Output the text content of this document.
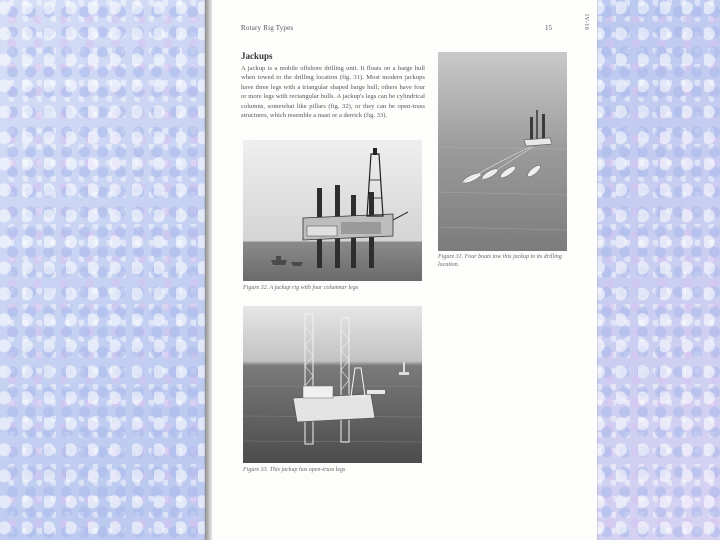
IV-16
Rotary Rig Types	15
Jackups
A jackup is a mobile offshore drilling unit. It floats on a barge hull when towed to the drilling location (fig. 31). Most modern jackups have three legs with a triangular shaped barge hull; others have four or more legs with rectangular hulls. A jackup's legs can be cylindrical columns, somewhat like pillars (fig. 32), or they can be open-truss structures, which resemble a mast or a derrick (fig. 33).
Figure 31. Four boats tow this jackup to its drilling location.
Figure 32. A jackup rig with four columnar legs
Figure 33. This jackup has open-truss legs
